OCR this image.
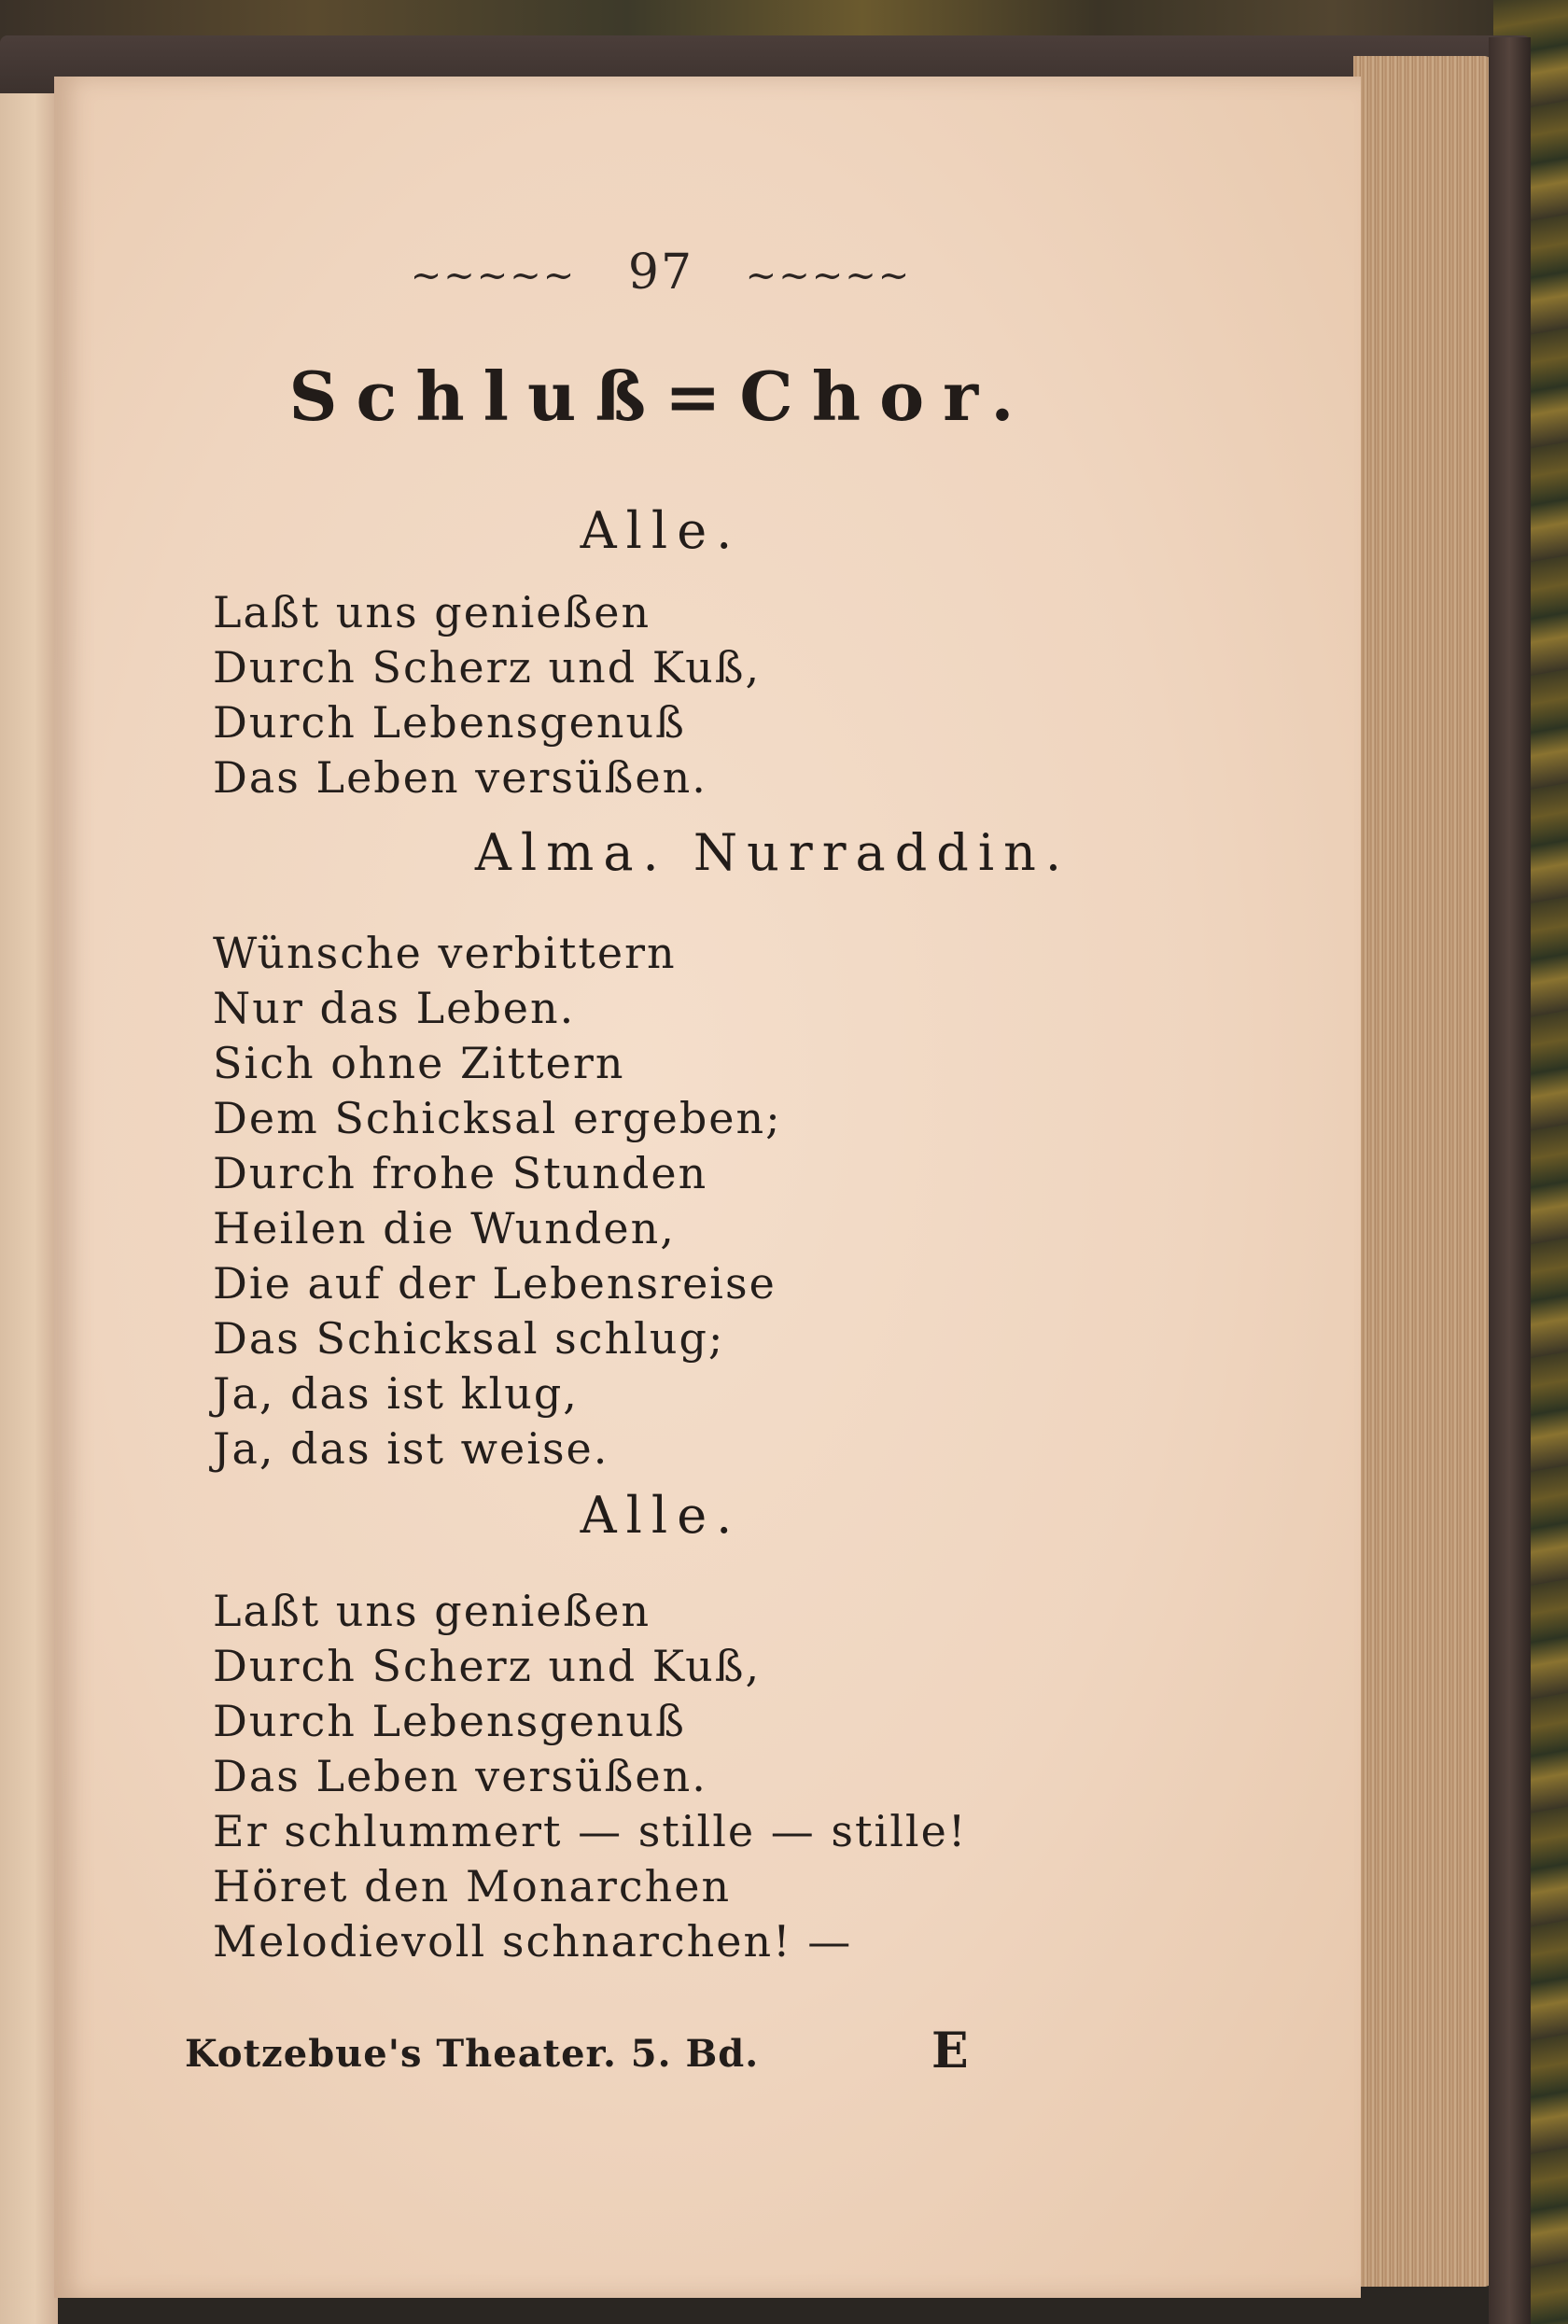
~~~~~ 97 ~~~~~
Schluß=Chor.
Alle.
Laßt uns genießen
Durch Scherz und Kuß,
Durch Lebensgenuß
Das Leben versüßen.
Alma. Nurraddin.
Wünsche verbittern
Nur das Leben.
Sich ohne Zittern
Dem Schicksal ergeben;
Durch frohe Stunden
Heilen die Wunden,
Die auf der Lebensreise
Das Schicksal schlug;
Ja, das ist klug,
Ja, das ist weise.
Alle.
Laßt uns genießen
Durch Scherz und Kuß,
Durch Lebensgenuß
Das Leben versüßen.
Er schlummert — stille — stille!
Höret den Monarchen
Melodievoll schnarchen! —
Kotzebue's Theater. 5. Bd.	E
